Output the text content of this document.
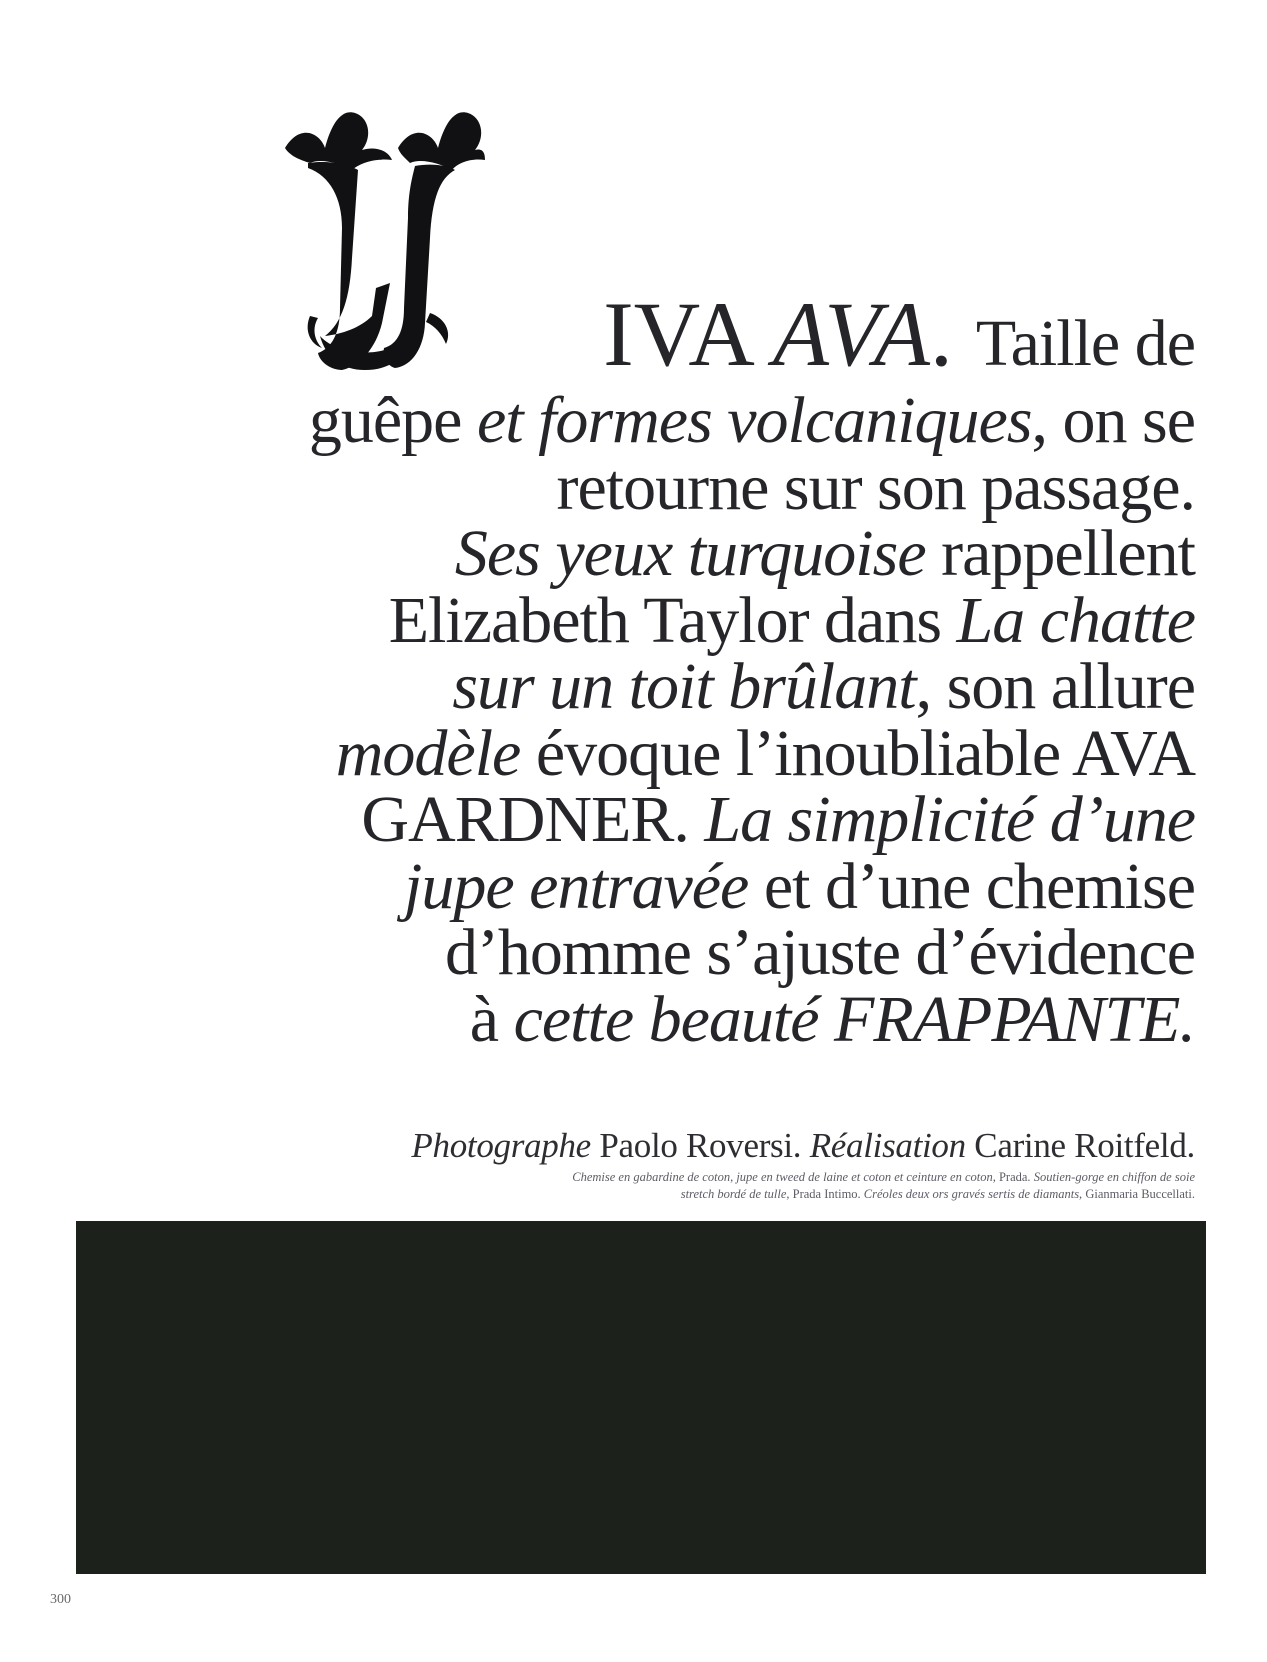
IVA AVA. Taille de
guêpe et formes volcaniques, on se
retourne sur son passage.
Ses yeux turquoise rappellent
Elizabeth Taylor dans La chatte
sur un toit brûlant, son allure
modèle évoque l’inoubliable AVA
GARDNER. La simplicité d’une
jupe entravée et d’une chemise
d’homme s’ajuste d’évidence
à cette beauté FRAPPANTE.
Photographe Paolo Roversi. Réalisation Carine Roitfeld.
Chemise en gabardine de coton, jupe en tweed de laine et coton et ceinture en coton, Prada. Soutien-gorge en chiffon de soie
stretch bordé de tulle, Prada Intimo. Créoles deux ors gravés sertis de diamants, Gianmaria Buccellati.
300
